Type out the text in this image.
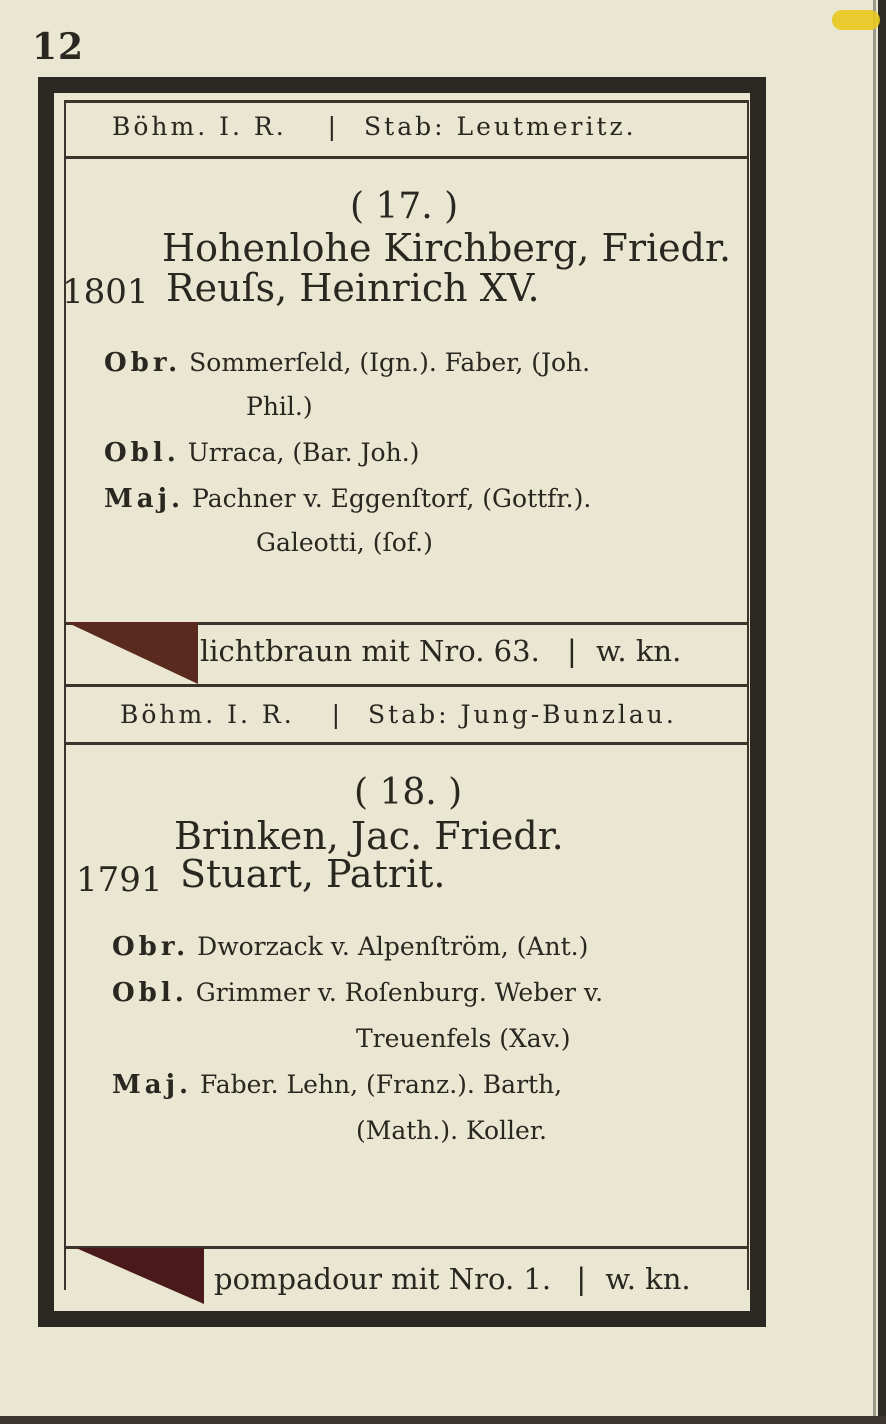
12
Böhm. I. R. | Stab: Leutmeritz.
( 17. )
Hohenlohe Kirchberg, Friedr.
1801 Reuſs, Heinrich XV.
Obr. Sommerſeld, (Ign.). Faber, (Joh.
Phil.)
Obl. Urraca, (Bar. Joh.)
Maj. Pachner v. Eggenſtorf, (Gottfr.).
Galeotti, (ſof.)
lichtbraun mit Nro. 63. | w. kn.
Böhm. I. R. | Stab: Jung-Bunzlau.
( 18. )
Brinken, Jac. Friedr.
1791 Stuart, Patrit.
Obr. Dworzack v. Alpenſtröm, (Ant.)
Obl. Grimmer v. Roſenburg. Weber v.
Treuenfels (Xav.)
Maj. Faber. Lehn, (Franz.). Barth,
(Math.). Koller.
pompadour mit Nro. 1. | w. kn.
